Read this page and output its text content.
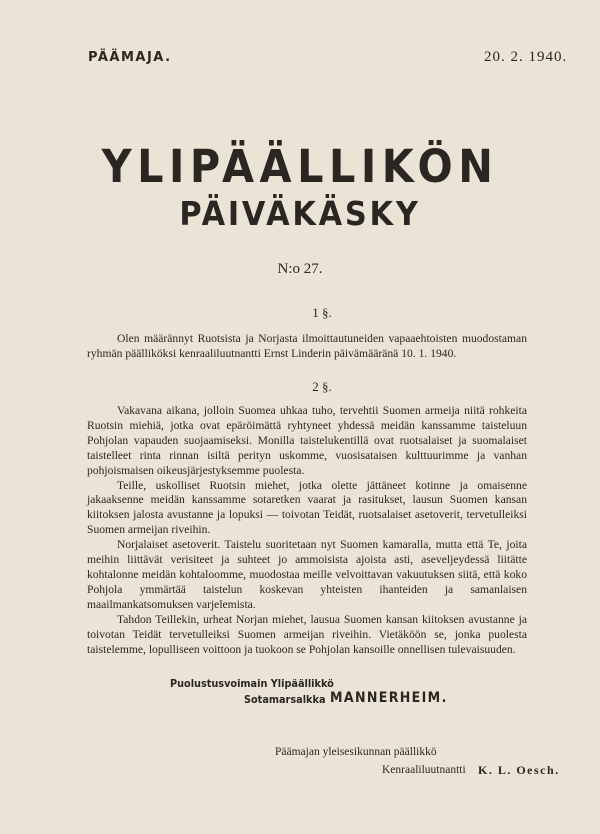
PÄÄMAJA.	20. 2. 1940.
YLIPÄÄLLIKÖN
PÄIVÄKÄSKY
N:o 27.
1 §.

Olen määrännyt Ruotsista ja Norjasta ilmoittautuneiden vapaaehtoisten muodostaman ryhmän päälliköksi kenraaliluutnantti Ernst Linderin päivämääränä 10. 1. 1940.

2 §.

Vakavana aikana, jolloin Suomea uhkaa tuho, tervehtii Suomen armeija niitä rohkeita Ruotsin miehiä, jotka ovat epäröimättä ryhtyneet yhdessä meidän kanssamme taisteluun Pohjolan vapauden suojaamiseksi. Monilla taistelukentillä ovat ruotsalaiset ja suomalaiset taistelleet rinta rinnan isiltä perityn uskomme, vuosisataisen kulttuurimme ja vanhan pohjoismaisen oikeusjärjestyksemme puolesta.

Teille, uskolliset Ruotsin miehet, jotka olette jättäneet kotinne ja omaisenne jakaaksenne meidän kanssamme sotaretken vaarat ja rasitukset, lausun Suomen kansan kiitoksen jalosta avustanne ja lopuksi — toivotan Teidät, ruotsalaiset asetoverit, tervetulleiksi Suomen armeijan riveihin.

Norjalaiset asetoverit. Taistelu suoritetaan nyt Suomen kamaralla, mutta että Te, joita meihin liittävät verisiteet ja suhteet jo ammoisista ajoista asti, aseveljeydessä liitätte kohtalonne meidän kohtaloomme, muodostaa meille velvoittavan vakuutuksen siitä, että koko Pohjola ymmärtää taistelun koskevan yhteisten ihanteiden ja samanlaisen maailmankatsomuksen varjelemista.

Tahdon Teillekin, urheat Norjan miehet, lausua Suomen kansan kiitoksen avustanne ja toivotan Teidät tervetulleiksi Suomen armeijan riveihin. Vietäköön se, jonka puolesta taistelemme, lopulliseen voittoon ja tuokoon se Pohjolan kansoille onnellisen tulevaisuuden.

Puolustusvoimain Ylipäällikkö
Sotamarsalkka MANNERHEIM.
Päämajan yleisesikunnan päällikkö
Kenraaliluutnantti K. L. Oesch.
